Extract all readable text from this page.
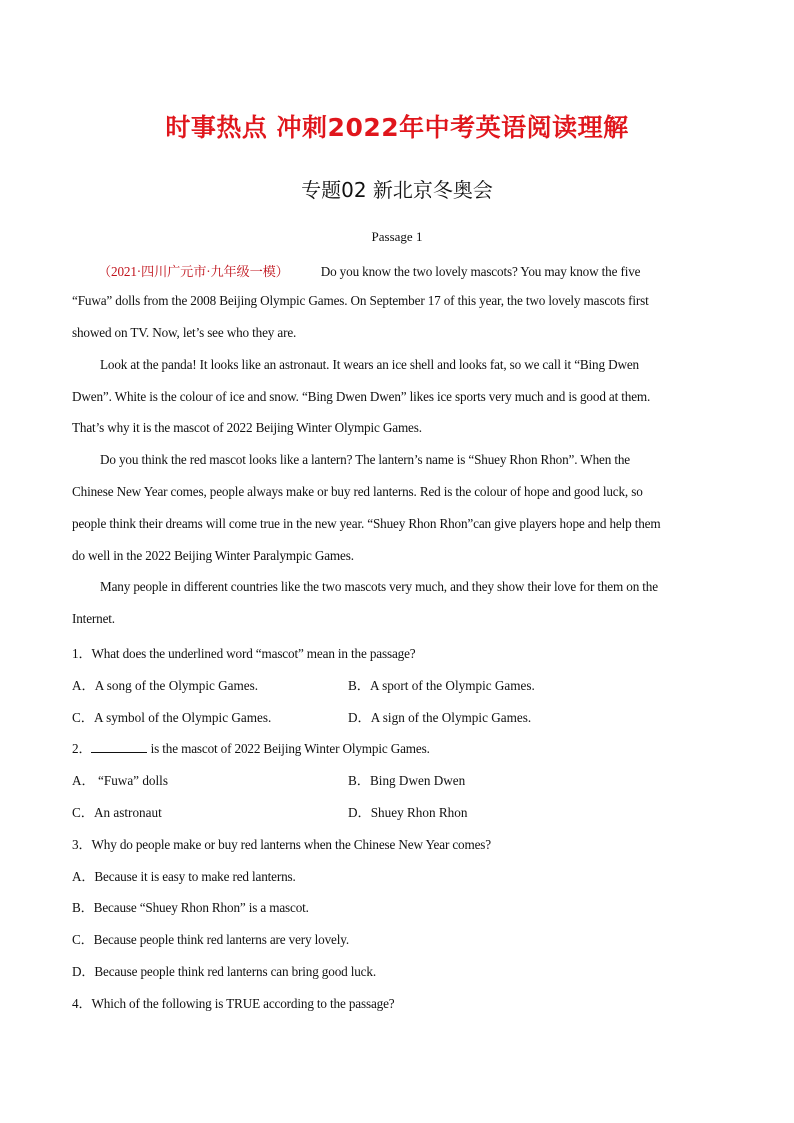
时事热点 冲刺2022年中考英语阅读理解
专题02 新北京冬奥会
Passage 1
（2021·四川广元市·九年级一模） Do you know the two lovely mascots? You may know the five
“Fuwa” dolls from the 2008 Beijing Olympic Games. On September 17 of this year, the two lovely mascots first
showed on TV. Now, let’s see who they are.
Look at the panda! It looks like an astronaut. It wears an ice shell and looks fat, so we call it “Bing Dwen
Dwen”. White is the colour of ice and snow. “Bing Dwen Dwen” likes ice sports very much and is good at them.
That’s why it is the mascot of 2022 Beijing Winter Olympic Games.
Do you think the red mascot looks like a lantern? The lantern’s name is “Shuey Rhon Rhon”. When the
Chinese New Year comes, people always make or buy red lanterns. Red is the colour of hope and good luck, so
people think their dreams will come true in the new year. “Shuey Rhon Rhon”can give players hope and help them
do well in the 2022 Beijing Winter Paralympic Games.
Many people in different countries like the two mascots very much, and they show their love for them on the
Internet.
1．What does the underlined word “mascot” mean in the passage?
A．A song of the Olympic Games.	B．A sport of the Olympic Games.
C．A symbol of the Olympic Games.	D．A sign of the Olympic Games.
2．	is the mascot of 2022 Beijing Winter Olympic Games.
A． “Fuwa” dolls	B．Bing Dwen Dwen
C．An astronaut	D．Shuey Rhon Rhon
3．Why do people make or buy red lanterns when the Chinese New Year comes?
A．Because it is easy to make red lanterns.
B．Because “Shuey Rhon Rhon” is a mascot.
C．Because people think red lanterns are very lovely.
D．Because people think red lanterns can bring good luck.
4．Which of the following is TRUE according to the passage?
